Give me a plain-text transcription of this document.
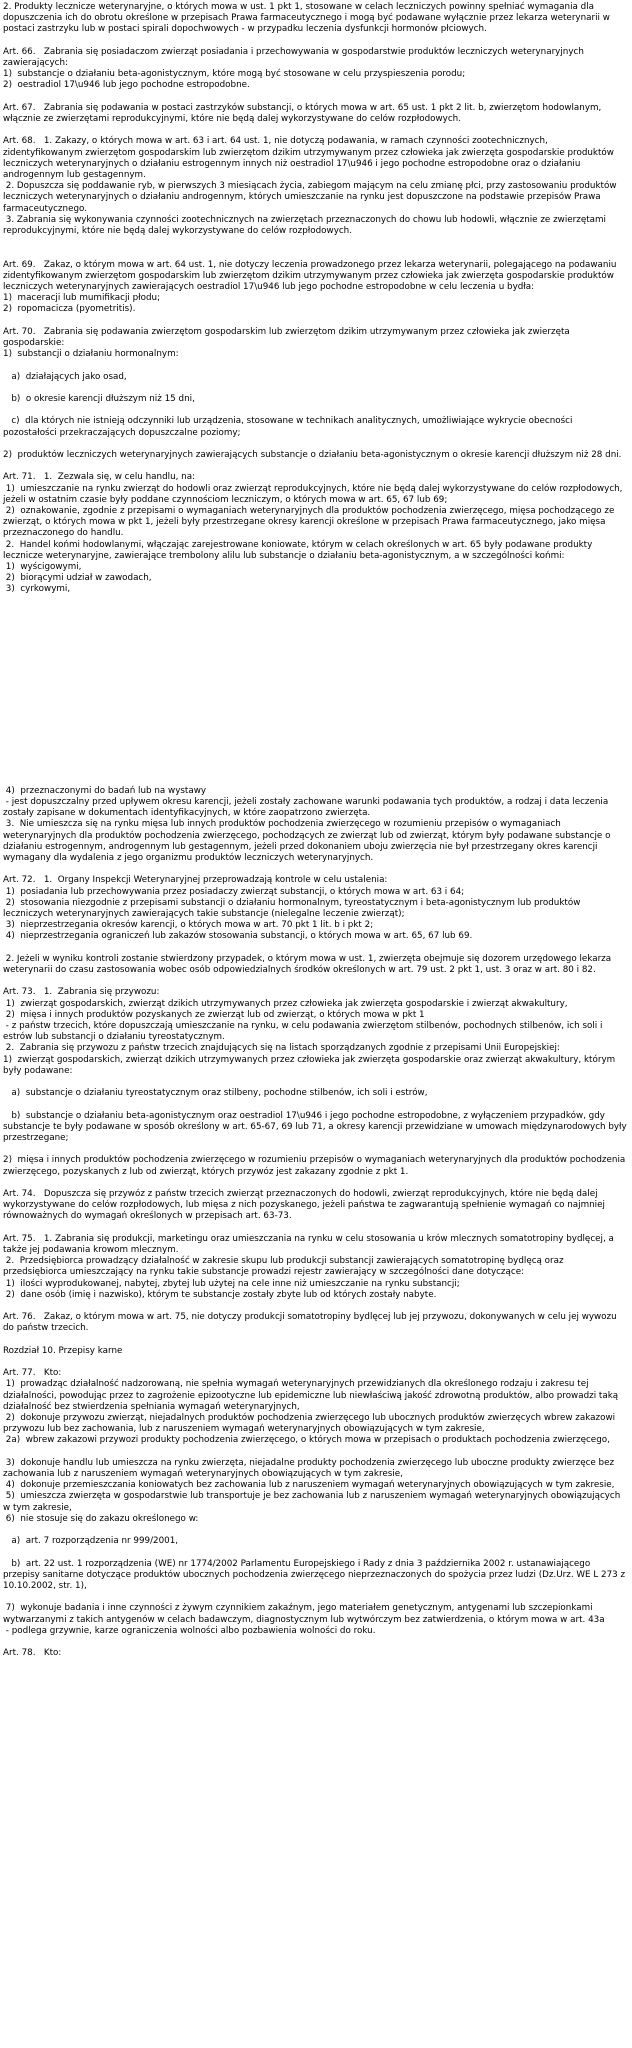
2. Produkty lecznicze weterynaryjne, o których mowa w ust. 1 pkt 1, stosowane w celach leczniczych powinny spełniać wymagania dla dopuszczenia ich do obrotu określone w przepisach Prawa farmaceutycznego i mogą być podawane wyłącznie przez lekarza weterynarii w postaci zastrzyku lub w postaci spirali dopochwowych - w przypadku leczenia dysfunkcji hormonów płciowych.

Art. 66.   Zabrania się posiadaczom zwierząt posiadania i przechowywania w gospodarstwie produktów leczniczych weterynaryjnych zawierających:

1)  substancje o działaniu beta-agonistycznym, które mogą być stosowane w celu przyspieszenia porodu;

2)  oestradiol 17\u946 lub jego pochodne estropodobne.

Art. 67.   Zabrania się podawania w postaci zastrzyków substancji, o których mowa w art. 65 ust. 1 pkt 2 lit. b, zwierzętom hodowlanym, włącznie ze zwierzętami reprodukcyjnymi, które nie będą dalej wykorzystywane do celów rozpłodowych.

Art. 68.   1. Zakazy, o których mowa w art. 63 i art. 64 ust. 1, nie dotyczą podawania, w ramach czynności zootechnicznych, zidentyfikowanym zwierzętom gospodarskim lub zwierzętom dzikim utrzymywanym przez człowieka jak zwierzęta gospodarskie produktów leczniczych weterynaryjnych o działaniu estrogennym innych niż oestradiol 17\u946 i jego pochodne estropodobne oraz o działaniu androgennym lub gestagennym.

2. Dopuszcza się poddawanie ryb, w pierwszych 3 miesiącach życia, zabiegom mającym na celu zmianę płci, przy zastosowaniu produktów leczniczych weterynaryjnych o działaniu androgennym, których umieszczanie na rynku jest dopuszczone na podstawie przepisów Prawa farmaceutycznego.

3. Zabrania się wykonywania czynności zootechnicznych na zwierzętach przeznaczonych do chowu lub hodowli, włącznie ze zwierzętami reprodukcyjnymi, które nie będą dalej wykorzystywane do celów rozpłodowych.

Art. 69.   Zakaz, o którym mowa w art. 64 ust. 1, nie dotyczy leczenia prowadzonego przez lekarza weterynarii, polegającego na podawaniu zidentyfikowanym zwierzętom gospodarskim lub zwierzętom dzikim utrzymywanym przez człowieka jak zwierzęta gospodarskie produktów leczniczych weterynaryjnych zawierających oestradiol 17\u946 lub jego pochodne estropodobne w celu leczenia u bydła:

1)  maceracji lub mumifikacji płodu;

2)  ropomacicza (pyometritis).

Art. 70.   Zabrania się podawania zwierzętom gospodarskim lub zwierzętom dzikim utrzymywanym przez człowieka jak zwierzęta gospodarskie:

1)  substancji o działaniu hormonalnym:

a)  działających jako osad,

b)  o okresie karencji dłuższym niż 15 dni,

c)  dla których nie istnieją odczynniki lub urządzenia, stosowane w technikach analitycznych, umożliwiające wykrycie obecności pozostałości przekraczających dopuszczalne poziomy;

2)  produktów leczniczych weterynaryjnych zawierających substancje o działaniu beta-agonistycznym o okresie karencji dłuższym niż 28 dni.

Art. 71.   1.  Zezwala się, w celu handlu, na:

1)  umieszczanie na rynku zwierząt do hodowli oraz zwierząt reprodukcyjnych, które nie będą dalej wykorzystywane do celów rozpłodowych, jeżeli w ostatnim czasie były poddane czynnościom leczniczym, o których mowa w art. 65, 67 lub 69;

2)  oznakowanie, zgodnie z przepisami o wymaganiach weterynaryjnych dla produktów pochodzenia zwierzęcego, mięsa pochodzącego ze zwierząt, o których mowa w pkt 1, jeżeli były przestrzegane okresy karencji określone w przepisach Prawa farmaceutycznego, jako mięsa przeznaczonego do handlu.

2.  Handel końmi hodowlanymi, włączając zarejestrowane koniowate, którym w celach określonych w art. 65 były podawane produkty lecznicze weterynaryjne, zawierające trembolony alilu lub substancje o działaniu beta-agonistycznym, a w szczególności końmi:

1)  wyścigowymi,

2)  biorącymi udział w zawodach,

3)  cyrkowymi,

4)  przeznaczonymi do badań lub na wystawy

- jest dopuszczalny przed upływem okresu karencji, jeżeli zostały zachowane warunki podawania tych produktów, a rodzaj i data leczenia zostały zapisane w dokumentach identyfikacyjnych, w które zaopatrzono zwierzęta.

3.  Nie umieszcza się na rynku mięsa lub innych produktów pochodzenia zwierzęcego w rozumieniu przepisów o wymaganiach weterynaryjnych dla produktów pochodzenia zwierzęcego, pochodzących ze zwierząt lub od zwierząt, którym były podawane substancje o działaniu estrogennym, androgennym lub gestagennym, jeżeli przed dokonaniem uboju zwierzęcia nie był przestrzegany okres karencji wymagany dla wydalenia z jego organizmu produktów leczniczych weterynaryjnych.

Art. 72.   1.  Organy Inspekcji Weterynaryjnej przeprowadzają kontrole w celu ustalenia:

1)  posiadania lub przechowywania przez posiadaczy zwierząt substancji, o których mowa w art. 63 i 64;

2)  stosowania niezgodnie z przepisami substancji o działaniu hormonalnym, tyreostatycznym i beta-agonistycznym lub produktów leczniczych weterynaryjnych zawierających takie substancje (nielegalne leczenie zwierząt);

3)  nieprzestrzegania okresów karencji, o których mowa w art. 70 pkt 1 lit. b i pkt 2;

4)  nieprzestrzegania ograniczeń lub zakazów stosowania substancji, o których mowa w art. 65, 67 lub 69.

2. Jeżeli w wyniku kontroli zostanie stwierdzony przypadek, o którym mowa w ust. 1, zwierzęta obejmuje się dozorem urzędowego lekarza weterynarii do czasu zastosowania wobec osób odpowiedzialnych środków określonych w art. 79 ust. 2 pkt 1, ust. 3 oraz w art. 80 i 82.

Art. 73.   1.  Zabrania się przywozu:

1)  zwierząt gospodarskich, zwierząt dzikich utrzymywanych przez człowieka jak zwierzęta gospodarskie i zwierząt akwakultury,

2)  mięsa i innych produktów pozyskanych ze zwierząt lub od zwierząt, o których mowa w pkt 1

- z państw trzecich, które dopuszczają umieszczanie na rynku, w celu podawania zwierzętom stilbenów, pochodnych stilbenów, ich soli i estrów lub substancji o działaniu tyreostatycznym.

2.  Zabrania się przywozu z państw trzecich znajdujących się na listach sporządzanych zgodnie z przepisami Unii Europejskiej:

1)  zwierząt gospodarskich, zwierząt dzikich utrzymywanych przez człowieka jak zwierzęta gospodarskie oraz zwierząt akwakultury, którym były podawane:

a)  substancje o działaniu tyreostatycznym oraz stilbeny, pochodne stilbenów, ich soli i estrów,

b)  substancje o działaniu beta-agonistycznym oraz oestradiol 17\u946 i jego pochodne estropodobne, z wyłączeniem przypadków, gdy substancje te były podawane w sposób określony w art. 65-67, 69 lub 71, a okresy karencji przewidziane w umowach międzynarodowych były przestrzegane;

2)  mięsa i innych produktów pochodzenia zwierzęcego w rozumieniu przepisów o wymaganiach weterynaryjnych dla produktów pochodzenia zwierzęcego, pozyskanych z lub od zwierząt, których przywóz jest zakazany zgodnie z pkt 1.

Art. 74.   Dopuszcza się przywóz z państw trzecich zwierząt przeznaczonych do hodowli, zwierząt reprodukcyjnych, które nie będą dalej wykorzystywane do celów rozpłodowych, lub mięsa z nich pozyskanego, jeżeli państwa te zagwarantują spełnienie wymagań co najmniej równoważnych do wymagań określonych w przepisach art. 63-73.

Art. 75.   1. Zabrania się produkcji, marketingu oraz umieszczania na rynku w celu stosowania u krów mlecznych somatotropiny bydlęcej, a także jej podawania krowom mlecznym.

2.  Przedsiębiorca prowadzący działalność w zakresie skupu lub produkcji substancji zawierających somatotropinę bydlęcą oraz przedsiębiorca umieszczający na rynku takie substancje prowadzi rejestr zawierający w szczególności dane dotyczące:

1)  ilości wyprodukowanej, nabytej, zbytej lub użytej na cele inne niż umieszczanie na rynku substancji;

2)  dane osób (imię i nazwisko), którym te substancje zostały zbyte lub od których zostały nabyte.

Art. 76.   Zakaz, o którym mowa w art. 75, nie dotyczy produkcji somatotropiny bydlęcej lub jej przywozu, dokonywanych w celu jej wywozu do państw trzecich.

Rozdział 10. Przepisy karne

Art. 77.   Kto:

1)  prowadząc działalność nadzorowaną, nie spełnia wymagań weterynaryjnych przewidzianych dla określonego rodzaju i zakresu tej działalności, powodując przez to zagrożenie epizootyczne lub epidemiczne lub niewłaściwą jakość zdrowotną produktów, albo prowadzi taką działalność bez stwierdzenia spełniania wymagań weterynaryjnych,

2)  dokonuje przywozu zwierząt, niejadalnych produktów pochodzenia zwierzęcego lub ubocznych produktów zwierzęcych wbrew zakazowi przywozu lub bez zachowania, lub z naruszeniem wymagań weterynaryjnych obowiązujących w tym zakresie,

2a)  wbrew zakazowi przywozi produkty pochodzenia zwierzęcego, o których mowa w przepisach o produktach pochodzenia zwierzęcego,

3)  dokonuje handlu lub umieszcza na rynku zwierzęta, niejadalne produkty pochodzenia zwierzęcego lub uboczne produkty zwierzęce bez zachowania lub z naruszeniem wymagań weterynaryjnych obowiązujących w tym zakresie,

4)  dokonuje przemieszczania koniowatych bez zachowania lub z naruszeniem wymagań weterynaryjnych obowiązujących w tym zakresie,

5)  umieszcza zwierzęta w gospodarstwie lub transportuje je bez zachowania lub z naruszeniem wymagań weterynaryjnych obowiązujących w tym zakresie,

6)  nie stosuje się do zakazu określonego w:

a)  art. 7 rozporządzenia nr 999/2001,

b)  art. 22 ust. 1 rozporządzenia (WE) nr 1774/2002 Parlamentu Europejskiego i Rady z dnia 3 października 2002 r. ustanawiającego przepisy sanitarne dotyczące produktów ubocznych pochodzenia zwierzęcego nieprzeznaczonych do spożycia przez ludzi (Dz.Urz. WE L 273 z 10.10.2002, str. 1),

7)  wykonuje badania i inne czynności z żywym czynnikiem zakaźnym, jego materiałem genetycznym, antygenami lub szczepionkami wytwarzanymi z takich antygenów w celach badawczym, diagnostycznym lub wytwórczym bez zatwierdzenia, o którym mowa w art. 43a

- podlega grzywnie, karze ograniczenia wolności albo pozbawienia wolności do roku.

Art. 78.   Kto:
